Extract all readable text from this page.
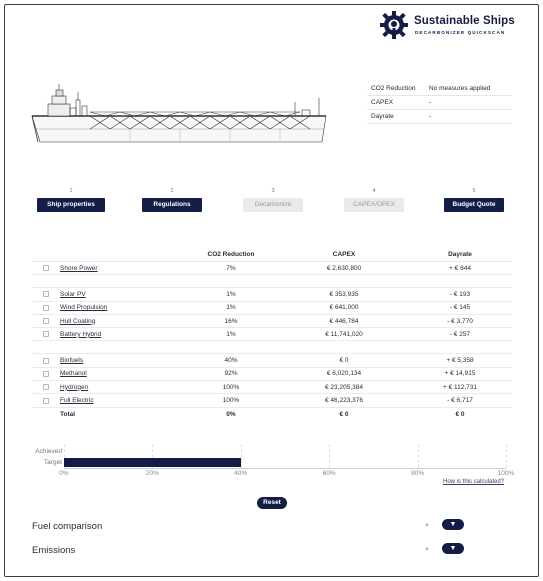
Sustainable Ships
DECARBONIZER QUICKSCAN
CO2 Reduction	No measures applied
CAPEX	-
Dayrate	-
1
Ship properties
2
Regulations
3
Decarbonize
4
CAPEX/OPEX
5
Budget Quote
CO2 Reduction	CAPEX	Dayrate
Shore Power	7%	€ 2,630,800	+ € 844
Solar PV	1%	€ 353,935	- € 193
Wind Propulsion	1%	€ 641,000	- € 145
Hull Coating	16%	€ 446,784	- € 3,770
Battery Hybrid	1%	€ 11,741,020	- € 257
Biofuels	40%	€ 0	+ € 5,358
Methanol	92%	€ 6,020,134	+ € 14,915
Hydrogen	100%	€ 23,205,384	+ € 112,731
Full Electric	100%	€ 46,223,376	- € 6,717
Total	0%	€ 0	€ 0
Achieved
Target
0%	20%	40%	60%	80%	100%
How is this calculated?
Reset
Fuel comparison	▲	▼
Emissions	▲	▼
